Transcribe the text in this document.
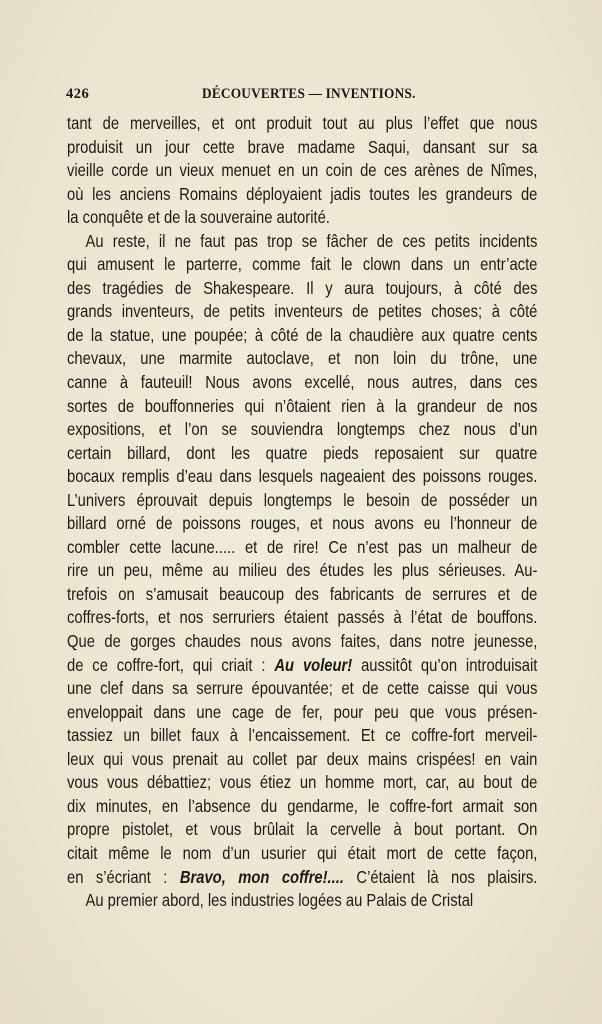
426	DÉCOUVERTES — INVENTIONS.
tant de merveilles, et ont produit tout au plus l’effet que nous
produisit un jour cette brave madame Saqui, dansant sur sa
vieille corde un vieux menuet en un coin de ces arènes de Nîmes,
où les anciens Romains déployaient jadis toutes les grandeurs de
la conquête et de la souveraine autorité.
Au reste, il ne faut pas trop se fâcher de ces petits incidents
qui amusent le parterre, comme fait le clown dans un entr’acte
des tragédies de Shakespeare. Il y aura toujours, à côté des
grands inventeurs, de petits inventeurs de petites choses; à côté
de la statue, une poupée; à côté de la chaudière aux quatre cents
chevaux, une marmite autoclave, et non loin du trône, une
canne à fauteuil! Nous avons excellé, nous autres, dans ces
sortes de bouffonneries qui n’ôtaient rien à la grandeur de nos
expositions, et l’on se souviendra longtemps chez nous d’un
certain billard, dont les quatre pieds reposaient sur quatre
bocaux remplis d’eau dans lesquels nageaient des poissons rouges.
L’univers éprouvait depuis longtemps le besoin de posséder un
billard orné de poissons rouges, et nous avons eu l’honneur de
combler cette lacune..... et de rire! Ce n’est pas un malheur de
rire un peu, même au milieu des études les plus sérieuses. Au-
trefois on s’amusait beaucoup des fabricants de serrures et de
coffres-forts, et nos serruriers étaient passés à l’état de bouffons.
Que de gorges chaudes nous avons faites, dans notre jeunesse,
de ce coffre-fort, qui criait : Au voleur! aussitôt qu’on introduisait
une clef dans sa serrure épouvantée; et de cette caisse qui vous
enveloppait dans une cage de fer, pour peu que vous présen-
tassiez un billet faux à l’encaissement. Et ce coffre-fort merveil-
leux qui vous prenait au collet par deux mains crispées! en vain
vous vous débattiez; vous étiez un homme mort, car, au bout de
dix minutes, en l’absence du gendarme, le coffre-fort armait son
propre pistolet, et vous brûlait la cervelle à bout portant. On
citait même le nom d’un usurier qui était mort de cette façon,
en s’écriant : Bravo, mon coffre!.... C’étaient là nos plaisirs.
Au premier abord, les industries logées au Palais de Cristal
